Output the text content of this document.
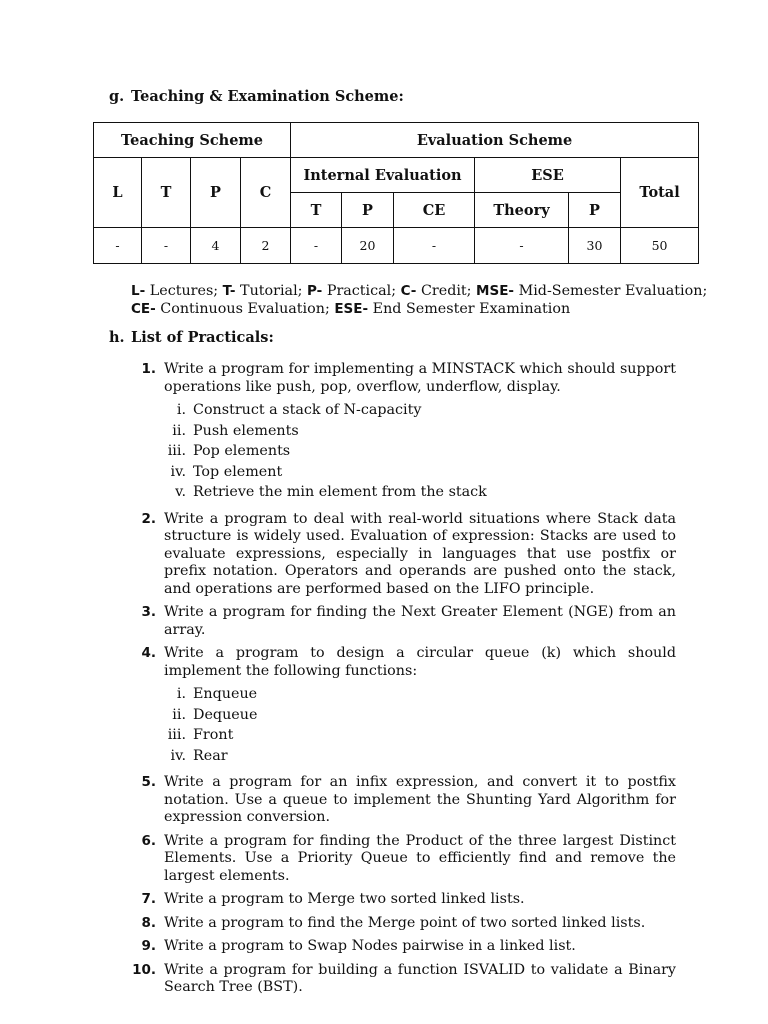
g. Teaching & Examination Scheme:
Teaching Scheme				Evaluation Scheme					
L	T	P	C	Internal Evaluation			ESE		Total
				T	P	CE	Theory	P	
-	-	4	2	-	20	-	-	30	50
L- Lectures; T- Tutorial; P- Practical; C- Credit; MSE- Mid-Semester Evaluation;
CE- Continuous Evaluation; ESE- End Semester Examination
h. List of Practicals:
1. Write a program for implementing a MINSTACK which should support operations like push, pop, overflow, underflow, display.
i. Construct a stack of N-capacity
ii. Push elements
iii. Pop elements
iv. Top element
v. Retrieve the min element from the stack
2. Write a program to deal with real-world situations where Stack data structure is widely used. Evaluation of expression: Stacks are used to evaluate expressions, especially in languages that use postfix or prefix notation. Operators and operands are pushed onto the stack, and operations are performed based on the LIFO principle.
3. Write a program for finding the Next Greater Element (NGE) from an array.
4. Write a program to design a circular queue (k) which should implement the following functions:
i. Enqueue
ii. Dequeue
iii. Front
iv. Rear
5. Write a program for an infix expression, and convert it to postfix notation. Use a queue to implement the Shunting Yard Algorithm for expression conversion.
6. Write a program for finding the Product of the three largest Distinct Elements. Use a Priority Queue to efficiently find and remove the largest elements.
7. Write a program to Merge two sorted linked lists.
8. Write a program to find the Merge point of two sorted linked lists.
9. Write a program to Swap Nodes pairwise in a linked list.
10. Write a program for building a function ISVALID to validate a Binary Search Tree (BST).
